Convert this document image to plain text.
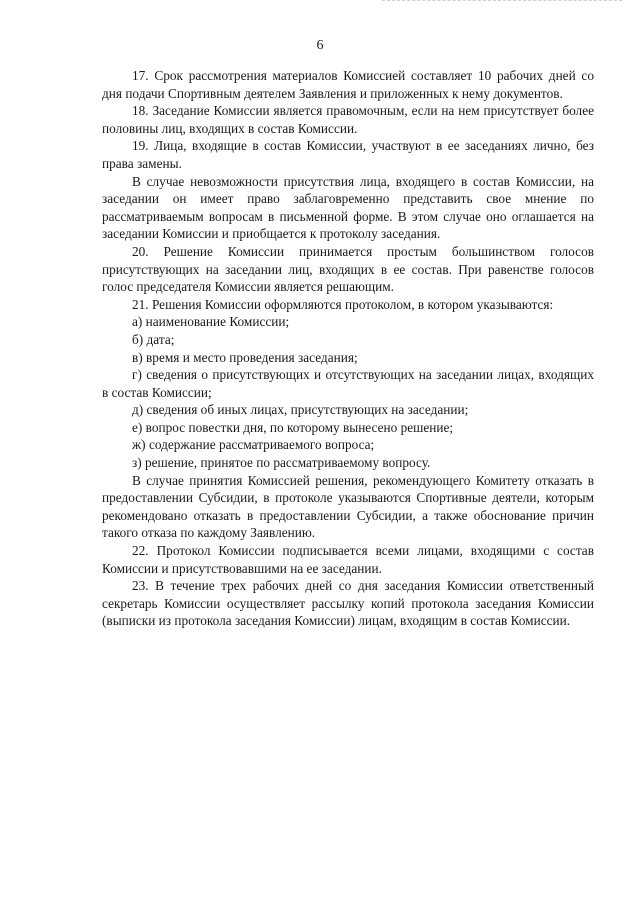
6

17. Срок рассмотрения материалов Комиссией составляет 10 рабочих дней со дня подачи Спортивным деятелем Заявления и приложенных к нему документов.

18. Заседание Комиссии является правомочным, если на нем присутствует более половины лиц, входящих в состав Комиссии.

19. Лица, входящие в состав Комиссии, участвуют в ее заседаниях лично, без права замены.

В случае невозможности присутствия лица, входящего в состав Комиссии, на заседании он имеет право заблаговременно представить свое мнение по рассматриваемым вопросам в письменной форме. В этом случае оно оглашается на заседании Комиссии и приобщается к протоколу заседания.

20. Решение Комиссии принимается простым большинством голосов присутствующих на заседании лиц, входящих в ее состав. При равенстве голосов голос председателя Комиссии является решающим.

21. Решения Комиссии оформляются протоколом, в котором указываются:

а) наименование Комиссии;

б) дата;

в) время и место проведения заседания;

г) сведения о присутствующих и отсутствующих на заседании лицах, входящих в состав Комиссии;

д) сведения об иных лицах, присутствующих на заседании;

е) вопрос повестки дня, по которому вынесено решение;

ж) содержание рассматриваемого вопроса;

з) решение, принятое по рассматриваемому вопросу.

В случае принятия Комиссией решения, рекомендующего Комитету отказать в предоставлении Субсидии, в протоколе указываются Спортивные деятели, которым рекомендовано отказать в предоставлении Субсидии, а также обоснование причин такого отказа по каждому Заявлению.

22. Протокол Комиссии подписывается всеми лицами, входящими с состав Комиссии и присутствовавшими на ее заседании.

23. В течение трех рабочих дней со дня заседания Комиссии ответственный секретарь Комиссии осуществляет рассылку копий протокола заседания Комиссии (выписки из протокола заседания Комиссии) лицам, входящим в состав Комиссии.
